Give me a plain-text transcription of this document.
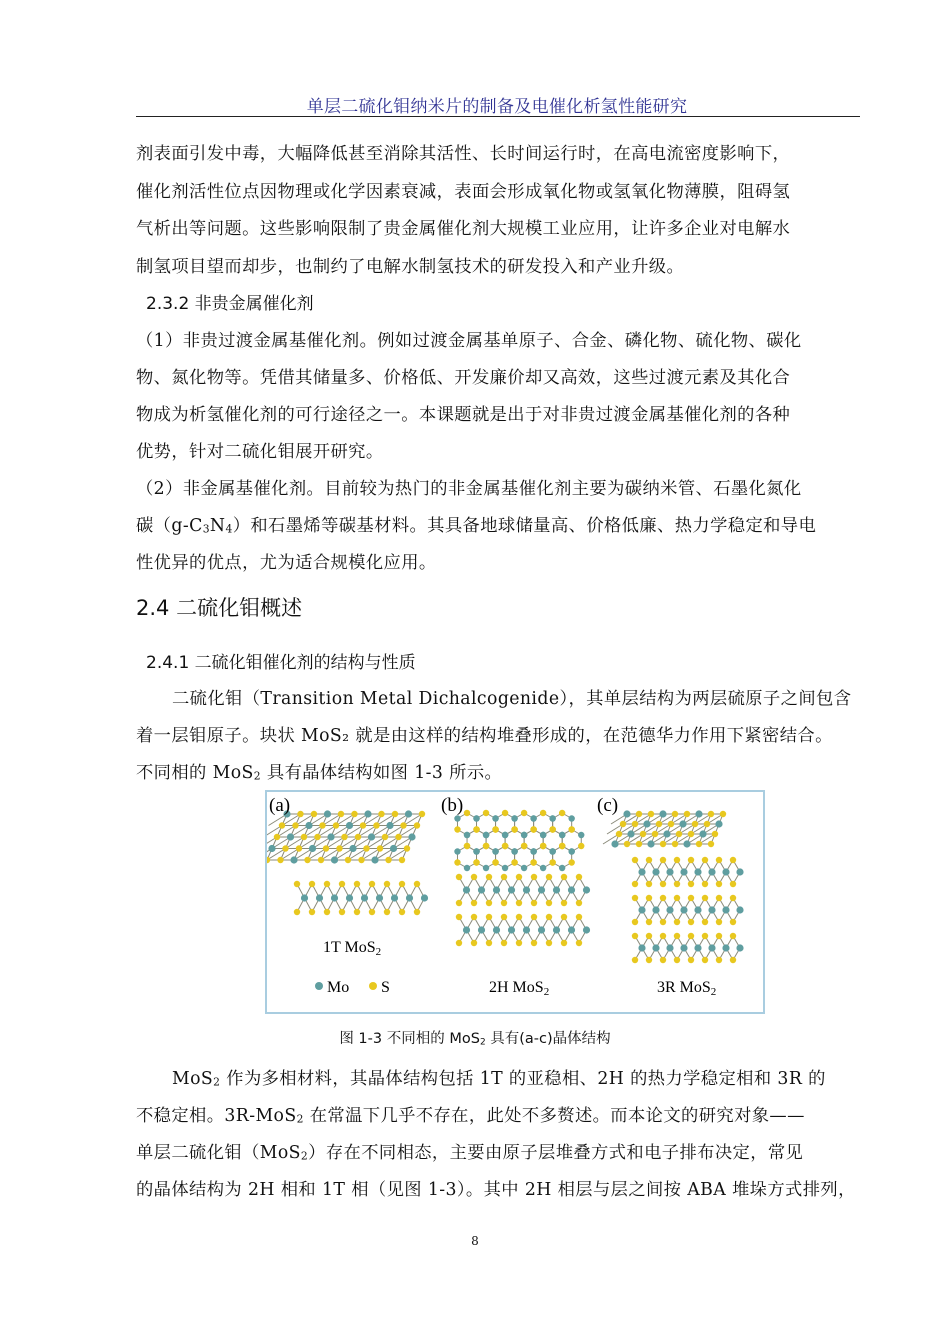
单层二硫化钼纳米片的制备及电催化析氢性能研究
剂表面引发中毒，大幅降低甚至消除其活性、长时间运行时，在高电流密度影响下，
催化剂活性位点因物理或化学因素衰减，表面会形成氧化物或氢氧化物薄膜，阻碍氢
气析出等问题。这些影响限制了贵金属催化剂大规模工业应用，让许多企业对电解水
制氢项目望而却步，也制约了电解水制氢技术的研发投入和产业升级。
2.3.2 非贵金属催化剂
（1）非贵过渡金属基催化剂。例如过渡金属基单原子、合金、磷化物、硫化物、碳化
物、氮化物等。凭借其储量多、价格低、开发廉价却又高效，这些过渡元素及其化合
物成为析氢催化剂的可行途径之一。本课题就是出于对非贵过渡金属基催化剂的各种
优势，针对二硫化钼展开研究。
（2）非金属基催化剂。目前较为热门的非金属基催化剂主要为碳纳米管、石墨化氮化
碳$(g-C_3N_4)$和石墨烯等碳基材料。其具备地球储量高、价格低廉、热力学稳定和导电
性优异的优点，尤为适合规模化应用。
2.4 二硫化钼概述
2.4.1 二硫化钼催化剂的结构与性质
二硫化钼（Transition Metal Dichalcogenide），其单层结构为两层硫原子之间包含
着一层钼原子。块状 MoS₂ 就是由这样的结构堆叠形成的，在范德华力作用下紧密结合。
不同相的 MoS$_2$ 具有晶体结构如图 1-3 所示。
(a)	(b)	(c)
1T MoS2
2H MoS2	3R MoS2
Mo S
图 1-3 不同相的 MoS$_2$ 具有(a-c)晶体结构
MoS$_2$ 作为多相材料，其晶体结构包括 1T 的亚稳相、2H 的热力学稳定相和 3R 的
不稳定相。3R-MoS$_2$ 在常温下几乎不存在，此处不多赘述。而本论文的研究对象——
单层二硫化钼（MoS$_2$）存在不同相态，主要由原子层堆叠方式和电子排布决定，常见
的晶体结构为 2H 相和 1T 相（见图 1-3）。其中 2H 相层与层之间按 ABA 堆垛方式排列，
8
